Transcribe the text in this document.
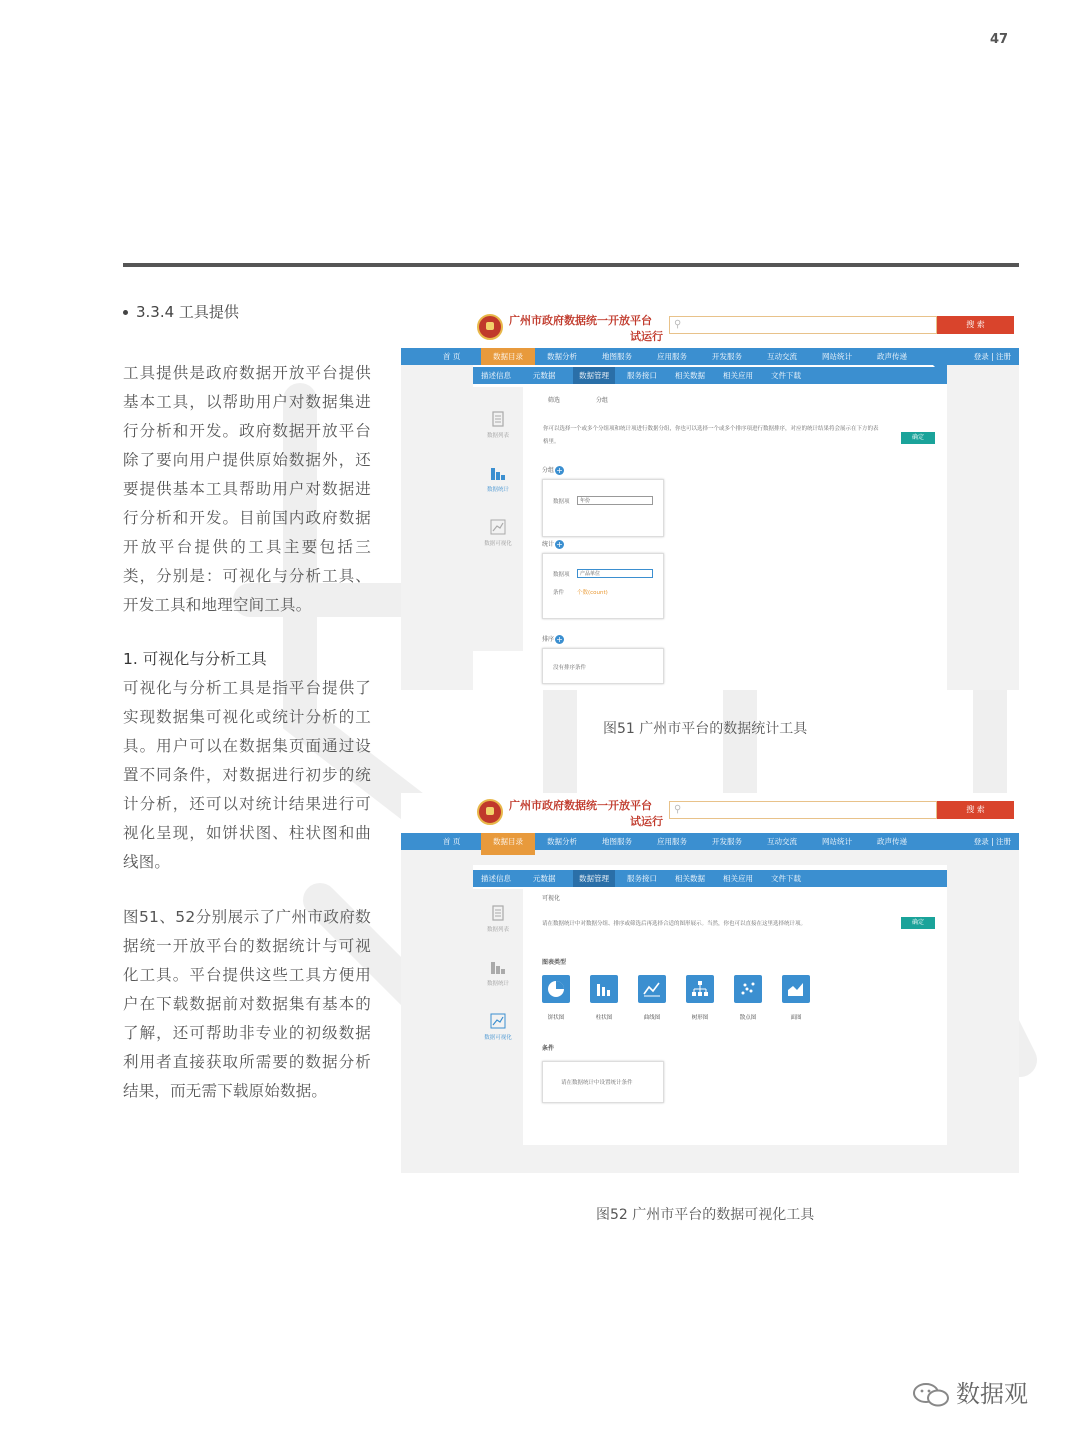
47
3.3.4 工具提供

工具提供是政府数据开放平台提供基本工具，以帮助用户对数据集进行分析和开发。政府数据开放平台除了要向用户提供原始数据外，还要提供基本工具帮助用户对数据进行分析和开发。目前国内政府数据开放平台提供的工具主要包括三类，分别是：可视化与分析工具、开发工具和地理空间工具。

1. 可视化与分析工具

可视化与分析工具是指平台提供了实现数据集可视化或统计分析的工具。用户可以在数据集页面通过设置不同条件，对数据进行初步的统计分析，还可以对统计结果进行可视化呈现，如饼状图、柱状图和曲线图。

图51、52分别展示了广州市政府数据统一开放平台的数据统计与可视化工具。平台提供这些工具方便用户在下载数据前对数据集有基本的了解，还可帮助非专业的初级数据利用者直接获取所需要的数据分析结果，而无需下载原始数据。

广州市政府数据统一开放平台
试运行
⚲	搜 索
首 页	数据目录	数据分析	地图服务	应用服务	开发服务	互动交流	网站统计	政声传递	登录 | 注册
描述信息	元数据	数据管理	服务接口 相关数据 相关应用 文件下载
数据列表
数据统计
数据可视化
筛选	分组
你可以选择一个或多个分组项和统计项进行数据分组，你也可以选择一个或多个排序项进行数据排序，对应的统计结果将会展示在下方的表格里。
确定
分组 +
数据项	年份
统计 +
数据项	产品单位
条件 个数(count)
排序 +
没有排序条件
图51 广州市平台的数据统计工具
广州市政府数据统一开放平台
试运行
⚲	搜 索
首 页	数据目录	数据分析	地图服务	应用服务	开发服务	互动交流	网站统计	政声传递	登录 | 注册
描述信息	元数据	数据管理	服务接口 相关数据 相关应用 文件下载
数据列表
数据统计
数据可视化
可视化
请在数据统计中对数据分组、排序或筛选后再选择合适的图形展示。当然，你也可以直接在这里选择统计项。	确定
图表类型
饼状图	柱状图	曲线图	树形图	散点图	面图
条件
请在数据统计中设置统计条件
图52 广州市平台的数据可视化工具
数据观
